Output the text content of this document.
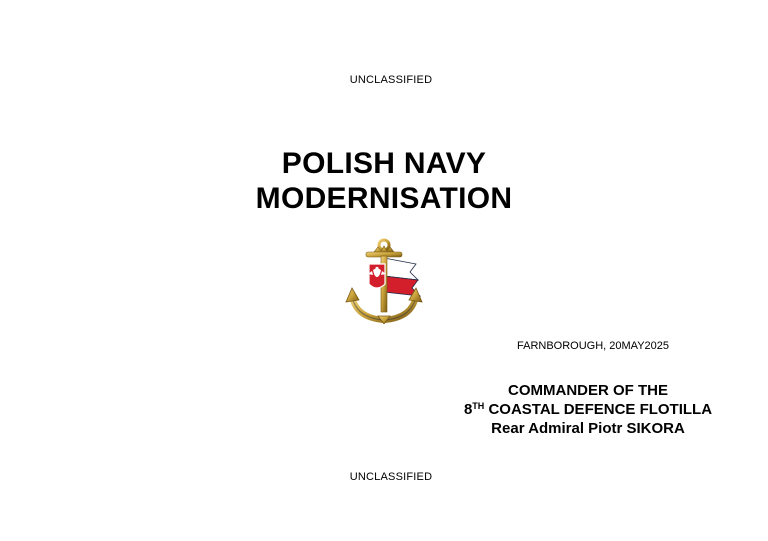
UNCLASSIFIED
POLISH NAVY
MODERNISATION
FARNBOROUGH, 20MAY2025
COMMANDER OF THE
8TH COASTAL DEFENCE FLOTILLA
Rear Admiral Piotr SIKORA
UNCLASSIFIED
